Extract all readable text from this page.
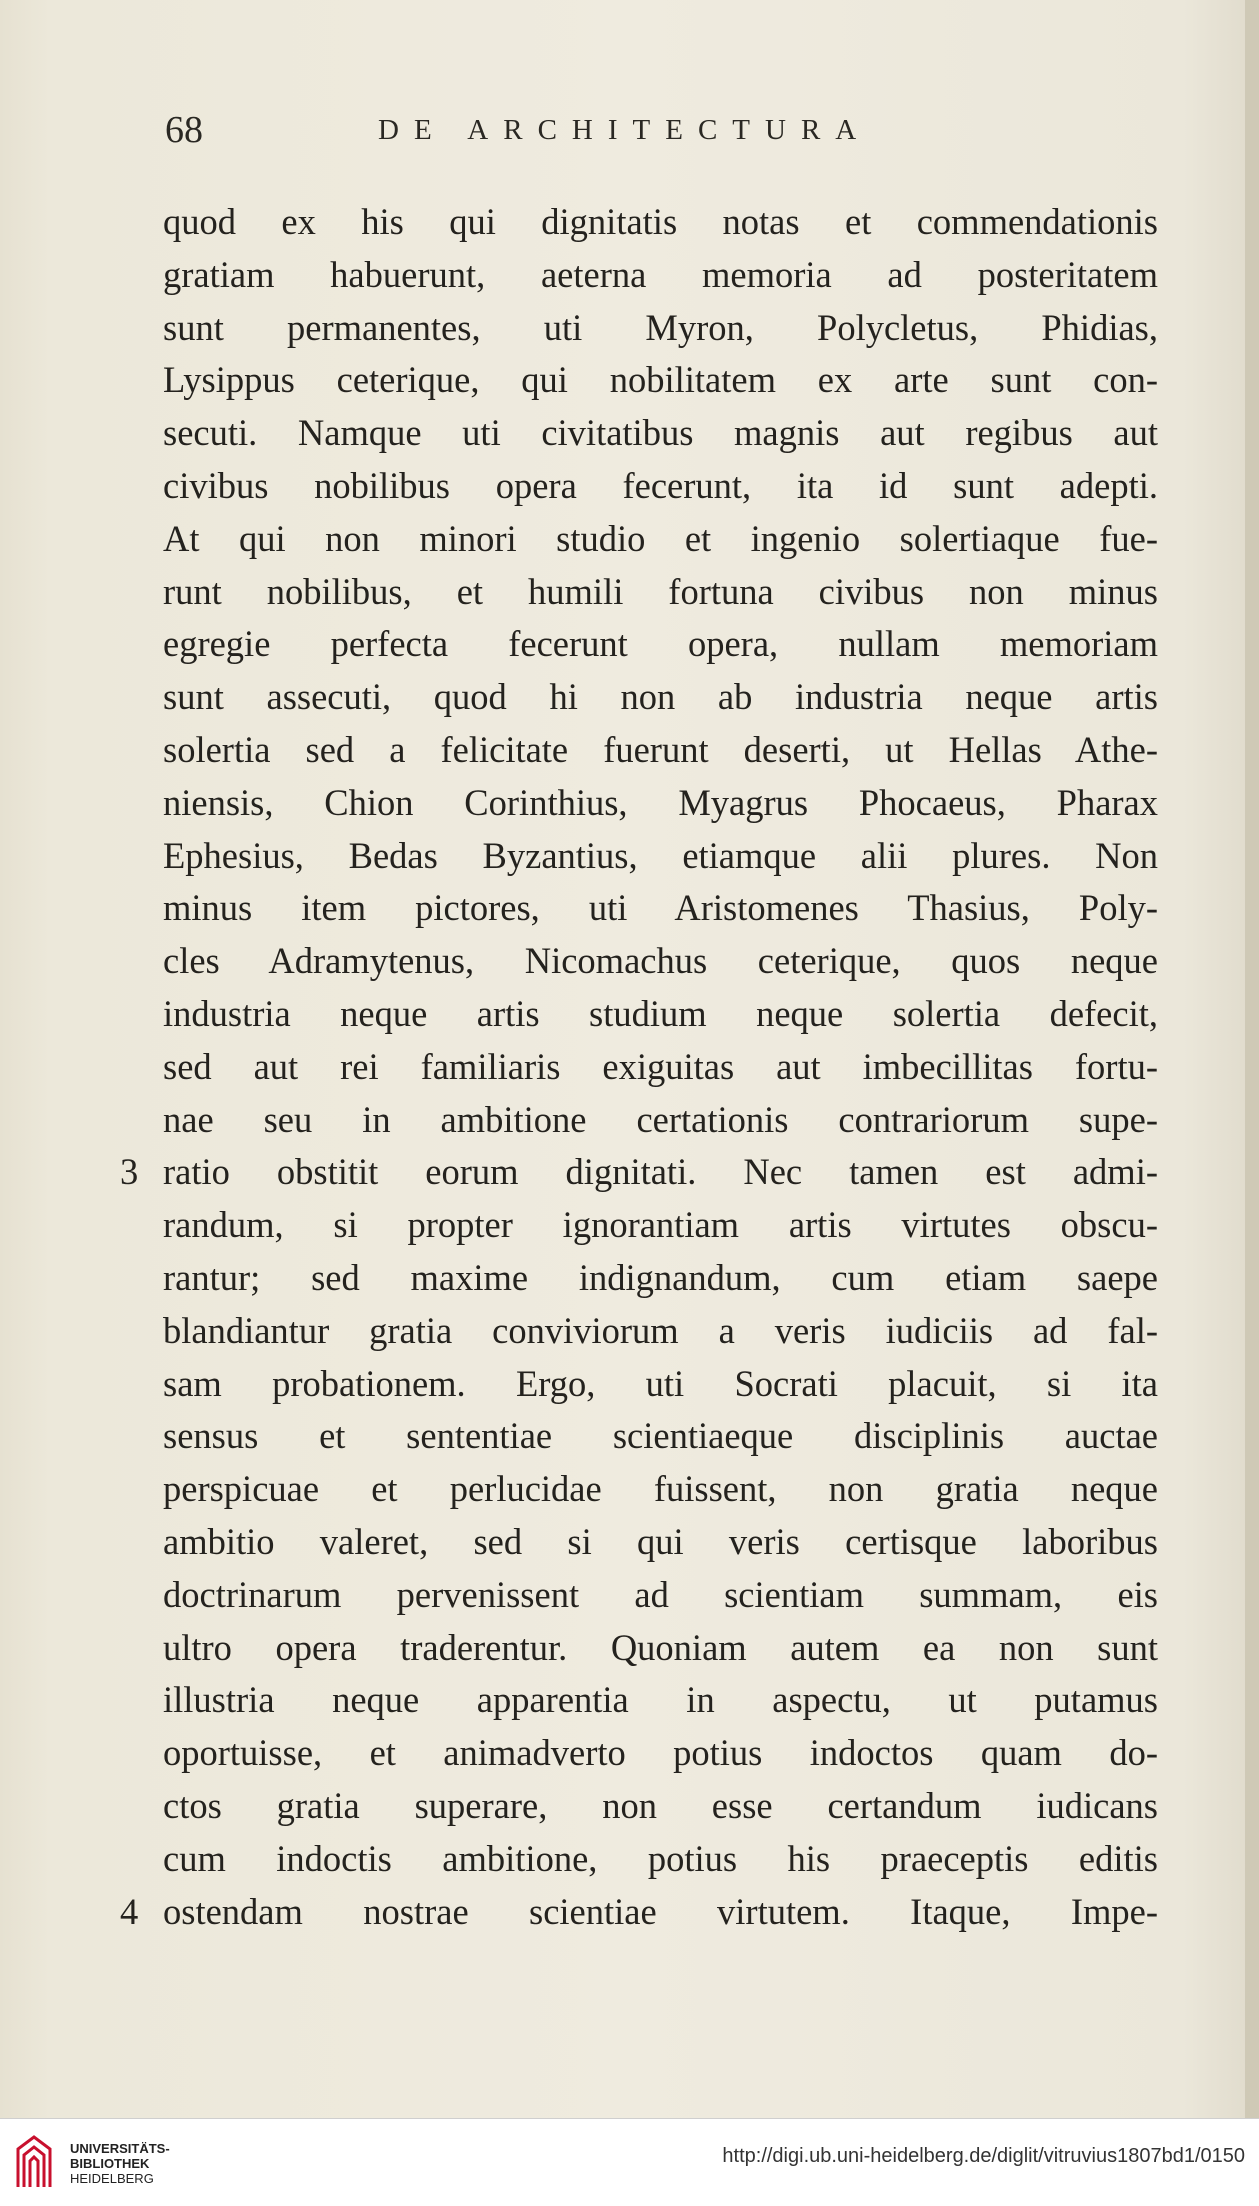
68	DE ARCHITECTURA
3
4
quod ex his qui dignitatis notas et commendationis
gratiam habuerunt, aeterna memoria ad posteritatem
sunt permanentes, uti Myron, Polycletus, Phidias,
Lysippus ceterique, qui nobilitatem ex arte sunt con-
secuti. Namque uti civitatibus magnis aut regibus aut
civibus nobilibus opera fecerunt, ita id sunt adepti.
At qui non minori studio et ingenio solertiaque fue-
runt nobilibus, et humili fortuna civibus non minus
egregie perfecta fecerunt opera, nullam memoriam
sunt assecuti, quod hi non ab industria neque artis
solertia sed a felicitate fuerunt deserti, ut Hellas Athe-
niensis, Chion Corinthius, Myagrus Phocaeus, Pharax
Ephesius, Bedas Byzantius, etiamque alii plures. Non
minus item pictores, uti Aristomenes Thasius, Poly-
cles Adramytenus, Nicomachus ceterique, quos neque
industria neque artis studium neque solertia defecit,
sed aut rei familiaris exiguitas aut imbecillitas fortu-
nae seu in ambitione certationis contrariorum supe-
ratio obstitit eorum dignitati. Nec tamen est admi-
randum, si propter ignorantiam artis virtutes obscu-
rantur; sed maxime indignandum, cum etiam saepe
blandiantur gratia conviviorum a veris iudiciis ad fal-
sam probationem. Ergo, uti Socrati placuit, si ita
sensus et sententiae scientiaeque disciplinis auctae
perspicuae et perlucidae fuissent, non gratia neque
ambitio valeret, sed si qui veris certisque laboribus
doctrinarum pervenissent ad scientiam summam, eis
ultro opera traderentur. Quoniam autem ea non sunt
illustria neque apparentia in aspectu, ut putamus
oportuisse, et animadverto potius indoctos quam do-
ctos gratia superare, non esse certandum iudicans
cum indoctis ambitione, potius his praeceptis editis
ostendam nostrae scientiae virtutem. Itaque, Impe-
UNIVERSITÄTS-
BIBLIOTHEK
HEIDELBERG
http://digi.ub.uni-heidelberg.de/diglit/vitruvius1807bd1/0150
